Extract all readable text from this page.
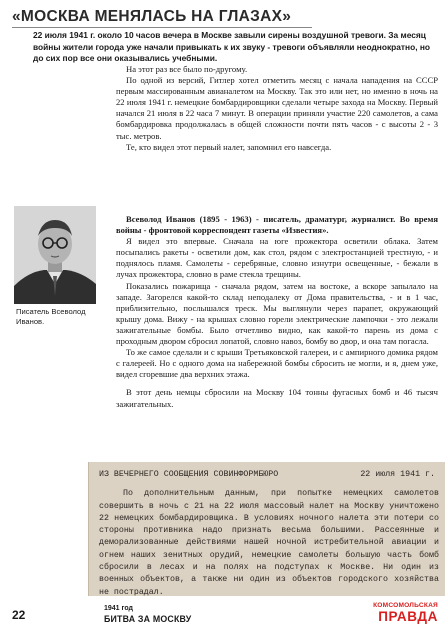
«МОСКВА МЕНЯЛАСЬ НА ГЛАЗАХ»
22 июля 1941 г. около 10 часов вечера в Москве завыли сирены воздушной тревоги. За месяц войны жители города уже начали привыкать к их звуку - тревоги объявляли неоднократно, но до сих пор все они оказывались учебными.

На этот раз все было по-другому.

По одной из версий, Гитлер хотел отметить месяц с начала нападения на СССР первым массированным авианалетом на Москву. Так это или нет, но именно в ночь на 22 июля 1941 г. немецкие бомбардировщики сделали четыре захода на Москву. Первый начался 21 июля в 22 часа 7 минут. В операции приняли участие 220 самолетов, а сама бомбардировка продолжалась в общей сложности почти пять часов - с высоты 2 - 3 тыс. метров.

Те, кто видел этот первый налет, запомнил его навсегда.

Писатель Всеволод Иванов.

Всеволод Иванов (1895 - 1963) - писатель, драматург, журналист. Во время войны - фронтовой корреспондент газеты «Известия».

Я видел это впервые. Сначала на юге прожектора осветили облака. Затем посыпались ракеты - осветили дом, как стол, рядом с электростанцией трестную, - и поднялось пламя. Самолеты - серебряные, словно изнутри освещенные, - бежали в лучах прожектора, словно в раме стекла трещины.

Показались пожарища - сначала рядом, затем на востоке, а вскоре запылало на западе. Загорелся какой-то склад неподалеку от Дома правительства, - и в 1 час, приблизительно, послышался треск. Мы выглянули через парапет, окружающий крышу дома. Вижу - на крышах словно горели электрические лампочки - это лежали зажигательные бомбы. Было отчетливо видно, как какой-то парень из дома с проходным двором сбросил лопатой, словно навоз, бомбу во двор, и она там погасла.

То же самое сделали и с крыши Третьяковской галереи, и с ампирного домика рядом с галереей. Но с одного дома на набережной бомбы сбросить не могли, и я, днем уже, видел сгоревшие два верхних этажа.

В этот день немцы сбросили на Москву 104 тонны фугасных бомб и 46 тысяч зажигательных.

ИЗ ВЕЧЕРНЕГО СООБЩЕНИЯ СОВИНФОРМБЮРО	22 июля 1941 г.

По дополнительным данным, при попытке немецких самолетов совершить в ночь с 21 на 22 июля массовый налет на Москву уничтожено 22 немецких бомбардировщика. В условиях ночного налета эти потери со стороны противника надо признать весьма большими. Рассеянные и деморализованные действиями нашей ночной истребительной авиации и огнем наших зенитных орудий, немецкие самолеты большую часть бомб сбросили в лесах и на полях на подступах к Москве. Ни один из военных объектов, а также ни один из объектов городского хозяйства не пострадал.

22	1941 год
БИТВА ЗА МОСКВУ
КОМСОМОЛЬСКАЯ
ПРАВДА
